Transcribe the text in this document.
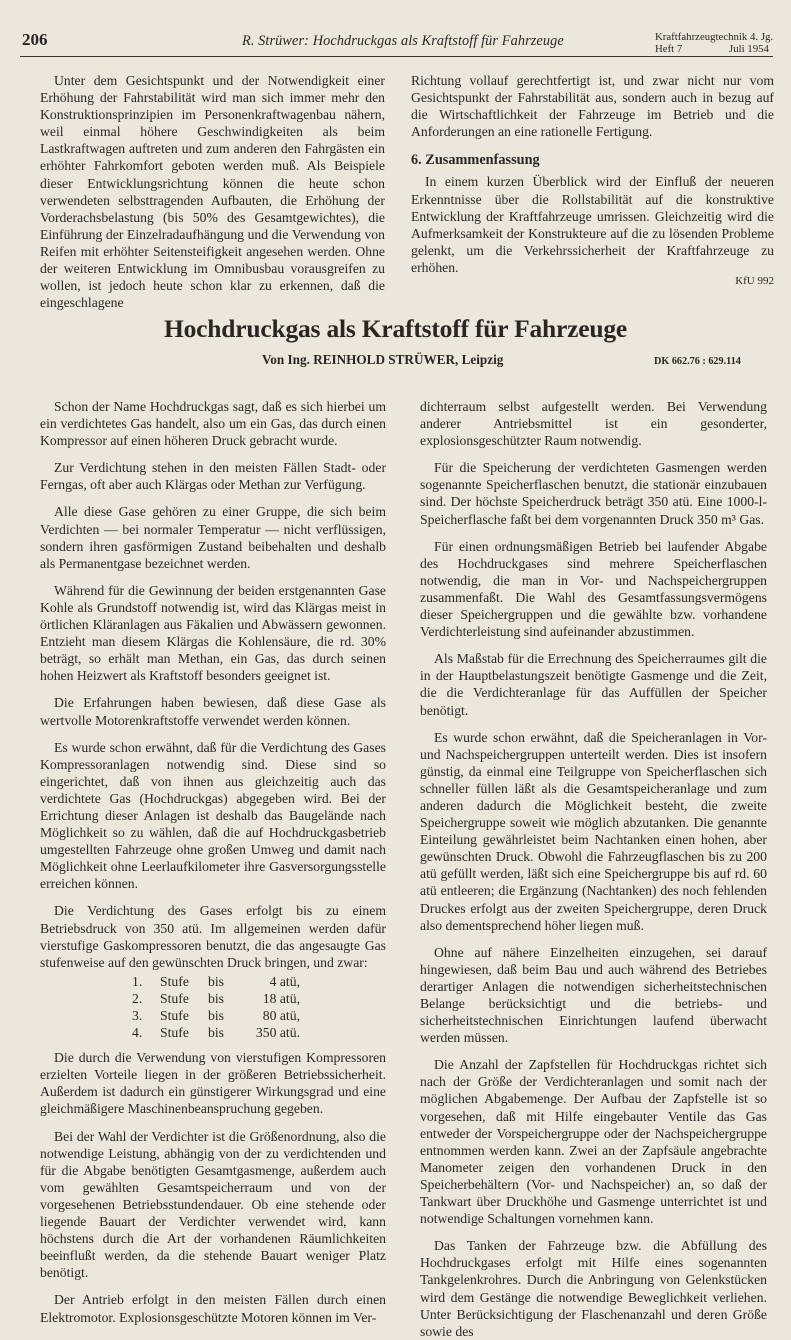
206	R. Strüwer: Hochdruckgas als Kraftstoff für Fahrzeuge	Kraftfahrzeugtechnik 4. Jg.
Heft 7	Juli 1954

Unter dem Gesichtspunkt und der Notwendigkeit einer Erhöhung der Fahrstabilität wird man sich immer mehr den Konstruktionsprinzipien im Personenkraftwagenbau nähern, weil einmal höhere Geschwindigkeiten als beim Lastkraftwagen auftreten und zum anderen den Fahrgästen ein erhöhter Fahrkomfort geboten werden muß. Als Beispiele dieser Entwicklungsrichtung können die heute schon verwendeten selbsttragenden Aufbauten, die Erhöhung der Vorderachsbelastung (bis 50% des Gesamtgewichtes), die Einführung der Einzelradaufhängung und die Verwendung von Reifen mit erhöhter Seitensteifigkeit angesehen werden. Ohne der weiteren Entwicklung im Omnibusbau vorausgreifen zu wollen, ist jedoch heute schon klar zu erkennen, daß die eingeschlagene

Richtung vollauf gerechtfertigt ist, und zwar nicht nur vom Gesichtspunkt der Fahrstabilität aus, sondern auch in bezug auf die Wirtschaftlichkeit der Fahrzeuge im Betrieb und die Anforderungen an eine rationelle Fertigung.

6. Zusammenfassung

In einem kurzen Überblick wird der Einfluß der neueren Erkenntnisse über die Rollstabilität auf die konstruktive Entwicklung der Kraftfahrzeuge umrissen. Gleichzeitig wird die Aufmerksamkeit der Konstrukteure auf die zu lösenden Probleme gelenkt, um die Verkehrssicherheit der Kraftfahrzeuge zu erhöhen.

KfU 992
Hochdruckgas als Kraftstoff für Fahrzeuge
Von Ing. REINHOLD STRÜWER, Leipzig	DK 662.76 : 629.114

Schon der Name Hochdruckgas sagt, daß es sich hierbei um ein verdichtetes Gas handelt, also um ein Gas, das durch einen Kompressor auf einen höheren Druck gebracht wurde.

Zur Verdichtung stehen in den meisten Fällen Stadt- oder Ferngas, oft aber auch Klärgas oder Methan zur Verfügung.

Alle diese Gase gehören zu einer Gruppe, die sich beim Verdichten — bei normaler Temperatur — nicht verflüssigen, sondern ihren gasförmigen Zustand beibehalten und deshalb als Permanentgase bezeichnet werden.

Während für die Gewinnung der beiden erstgenannten Gase Kohle als Grundstoff notwendig ist, wird das Klärgas meist in örtlichen Kläranlagen aus Fäkalien und Abwässern gewonnen. Entzieht man diesem Klärgas die Kohlensäure, die rd. 30% beträgt, so erhält man Methan, ein Gas, das durch seinen hohen Heizwert als Kraftstoff besonders geeignet ist.

Die Erfahrungen haben bewiesen, daß diese Gase als wertvolle Motorenkraftstoffe verwendet werden können.

Es wurde schon erwähnt, daß für die Verdichtung des Gases Kompressoranlagen notwendig sind. Diese sind so eingerichtet, daß von ihnen aus gleichzeitig auch das verdichtete Gas (Hochdruckgas) abgegeben wird. Bei der Errichtung dieser Anlagen ist deshalb das Baugelände nach Möglichkeit so zu wählen, daß die auf Hochdruckgasbetrieb umgestellten Fahrzeuge ohne großen Umweg und damit nach Möglichkeit ohne Leerlaufkilometer ihre Gasversorgungsstelle erreichen können.

Die Verdichtung des Gases erfolgt bis zu einem Betriebsdruck von 350 atü. Im allgemeinen werden dafür vierstufige Gaskompressoren benutzt, die das angesaugte Gas stufenweise auf den gewünschten Druck bringen, und zwar:

1.	Stufe	bis	4 atü,
2.	Stufe	bis	18 atü,
3.	Stufe	bis	80 atü,
4.	Stufe	bis	350 atü.

Die durch die Verwendung von vierstufigen Kompressoren erzielten Vorteile liegen in der größeren Betriebssicherheit. Außerdem ist dadurch ein günstigerer Wirkungsgrad und eine gleichmäßigere Maschinenbeanspruchung gegeben.

Bei der Wahl der Verdichter ist die Größenordnung, also die notwendige Leistung, abhängig von der zu verdichtenden und für die Abgabe benötigten Gesamtgasmenge, außerdem auch vom gewählten Gesamtspeicherraum und von der vorgesehenen Betriebsstundendauer. Ob eine stehende oder liegende Bauart der Verdichter verwendet wird, kann höchstens durch die Art der vorhandenen Räumlichkeiten beeinflußt werden, da die stehende Bauart weniger Platz benötigt.

Der Antrieb erfolgt in den meisten Fällen durch einen Elektromotor. Explosionsgeschützte Motoren können im Ver-

dichterraum selbst aufgestellt werden. Bei Verwendung anderer Antriebsmittel ist ein gesonderter, explosionsgeschützter Raum notwendig.

Für die Speicherung der verdichteten Gasmengen werden sogenannte Speicherflaschen benutzt, die stationär einzubauen sind. Der höchste Speicherdruck beträgt 350 atü. Eine 1000-l-Speicherflasche faßt bei dem vorgenannten Druck 350 m³ Gas.

Für einen ordnungsmäßigen Betrieb bei laufender Abgabe des Hochdruckgases sind mehrere Speicherflaschen notwendig, die man in Vor- und Nachspeichergruppen zusammenfaßt. Die Wahl des Gesamtfassungsvermögens dieser Speichergruppen und die gewählte bzw. vorhandene Verdichterleistung sind aufeinander abzustimmen.

Als Maßstab für die Errechnung des Speicherraumes gilt die in der Hauptbelastungszeit benötigte Gasmenge und die Zeit, die die Verdichteranlage für das Auffüllen der Speicher benötigt.

Es wurde schon erwähnt, daß die Speicheranlagen in Vor- und Nachspeichergruppen unterteilt werden. Dies ist insofern günstig, da einmal eine Teilgruppe von Speicherflaschen sich schneller füllen läßt als die Gesamtspeicheranlage und zum anderen dadurch die Möglichkeit besteht, die zweite Speichergruppe soweit wie möglich abzutanken. Die genannte Einteilung gewährleistet beim Nachtanken einen hohen, aber gewünschten Druck. Obwohl die Fahrzeugflaschen bis zu 200 atü gefüllt werden, läßt sich eine Speichergruppe bis auf rd. 60 atü entleeren; die Ergänzung (Nachtanken) des noch fehlenden Druckes erfolgt aus der zweiten Speichergruppe, deren Druck also dementsprechend höher liegen muß.

Ohne auf nähere Einzelheiten einzugehen, sei darauf hingewiesen, daß beim Bau und auch während des Betriebes derartiger Anlagen die notwendigen sicherheitstechnischen Belange berücksichtigt und die betriebs- und sicherheitstechnischen Einrichtungen laufend überwacht werden müssen.

Die Anzahl der Zapfstellen für Hochdruckgas richtet sich nach der Größe der Verdichteranlagen und somit nach der möglichen Abgabemenge. Der Aufbau der Zapfstelle ist so vorgesehen, daß mit Hilfe eingebauter Ventile das Gas entweder der Vorspeichergruppe oder der Nachspeichergruppe entnommen werden kann. Zwei an der Zapfsäule angebrachte Manometer zeigen den vorhandenen Druck in den Speicherbehältern (Vor- und Nachspeicher) an, so daß der Tankwart über Druckhöhe und Gasmenge unterrichtet ist und notwendige Schaltungen vornehmen kann.

Das Tanken der Fahrzeuge bzw. die Abfüllung des Hochdruckgases erfolgt mit Hilfe eines sogenannten Tankgelenkrohres. Durch die Anbringung von Gelenkstücken wird dem Gestänge die notwendige Beweglichkeit verliehen. Unter Berücksichtigung der Flaschenanzahl und deren Größe sowie des
